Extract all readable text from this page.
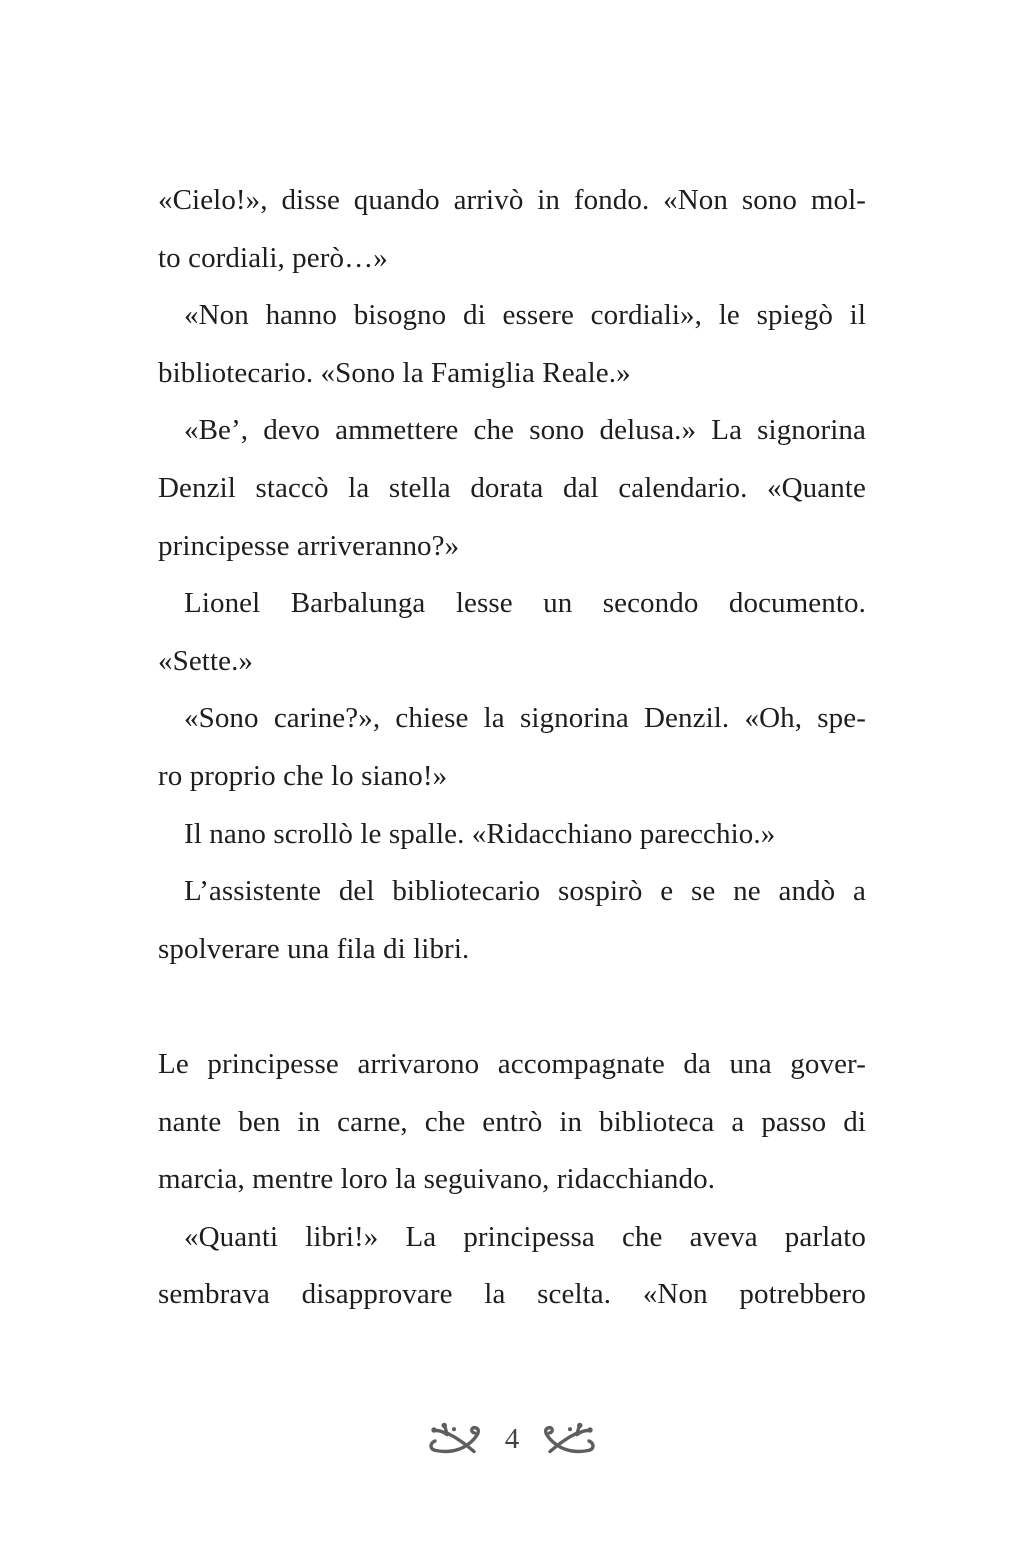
«Cielo!», disse quando arrivò in fondo. «Non sono mol-
to cordiali, però…»
«Non hanno bisogno di essere cordiali», le spiegò il
bibliotecario. «Sono la Famiglia Reale.»
«Be’, devo ammettere che sono delusa.» La signorina
Denzil staccò la stella dorata dal calendario. «Quante
principesse arriveranno?»
Lionel Barbalunga lesse un secondo documento.
«Sette.»
«Sono carine?», chiese la signorina Denzil. «Oh, spe-
ro proprio che lo siano!»
Il nano scrollò le spalle. «Ridacchiano parecchio.»
L’assistente del bibliotecario sospirò e se ne andò a
spolverare una fila di libri.
Le principesse arrivarono accompagnate da una gover-
nante ben in carne, che entrò in biblioteca a passo di
marcia, mentre loro la seguivano, ridacchiando.
«Quanti libri!» La principessa che aveva parlato
sembrava disapprovare la scelta. «Non potrebbero
4
